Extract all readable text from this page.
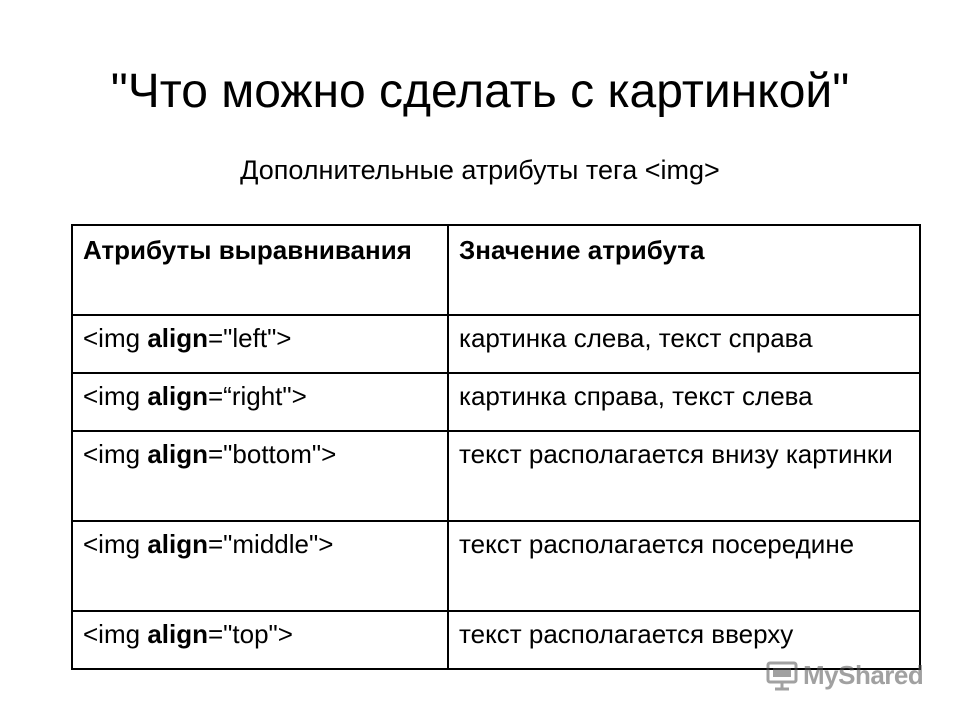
"Что можно сделать с картинкой"
Дополнительные атрибуты тега <img>
Атрибуты выравнивания	Значение атрибута
<img align="left">	картинка слева, текст справа
<img align=“right">	картинка справа, текст слева
<img align="bottom">	текст располагается внизу картинки
<img align="middle">	текст располагается посередине
<img align="top">	текст располагается вверху
MyShared
